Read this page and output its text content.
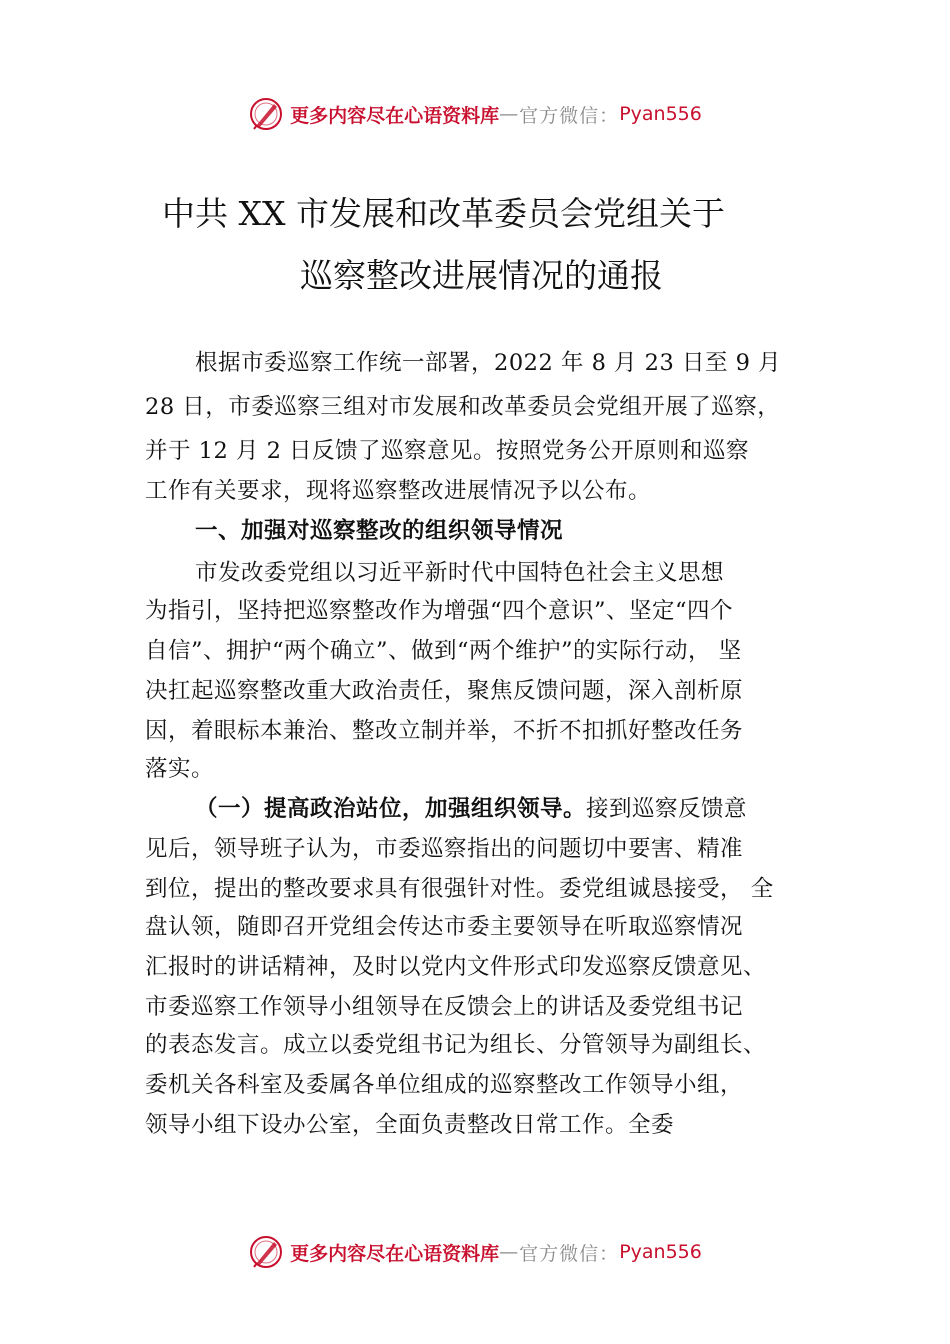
更多内容尽在心语资料库 — 官方微信： Pyan556
中共 XX 市发展和改革委员会党组关于
巡察整改进展情况的通报
根据市委巡察工作统一部署，2022 年 8 月 23 日至 9 月
28 日，市委巡察三组对市发展和改革委员会党组开展了巡察，
并于 12 月 2 日反馈了巡察意见。按照党务公开原则和巡察
工作有关要求，现将巡察整改进展情况予以公布。
一、加强对巡察整改的组织领导情况
市发改委党组以习近平新时代中国特色社会主义思想
为指引，坚持把巡察整改作为增强“四个意识”、坚定“四个
自信”、拥护“两个确立”、做到“两个维护”的实际行动， 坚
决扛起巡察整改重大政治责任，聚焦反馈问题，深入剖析原
因，着眼标本兼治、整改立制并举，不折不扣抓好整改任务
落实。
（一）提高政治站位，加强组织领导。接到巡察反馈意
见后，领导班子认为，市委巡察指出的问题切中要害、精准
到位，提出的整改要求具有很强针对性。委党组诚恳接受， 全
盘认领，随即召开党组会传达市委主要领导在听取巡察情况
汇报时的讲话精神，及时以党内文件形式印发巡察反馈意见、
市委巡察工作领导小组领导在反馈会上的讲话及委党组书记
的表态发言。成立以委党组书记为组长、分管领导为副组长、
委机关各科室及委属各单位组成的巡察整改工作领导小组，
领导小组下设办公室，全面负责整改日常工作。全委
更多内容尽在心语资料库 — 官方微信： Pyan556
